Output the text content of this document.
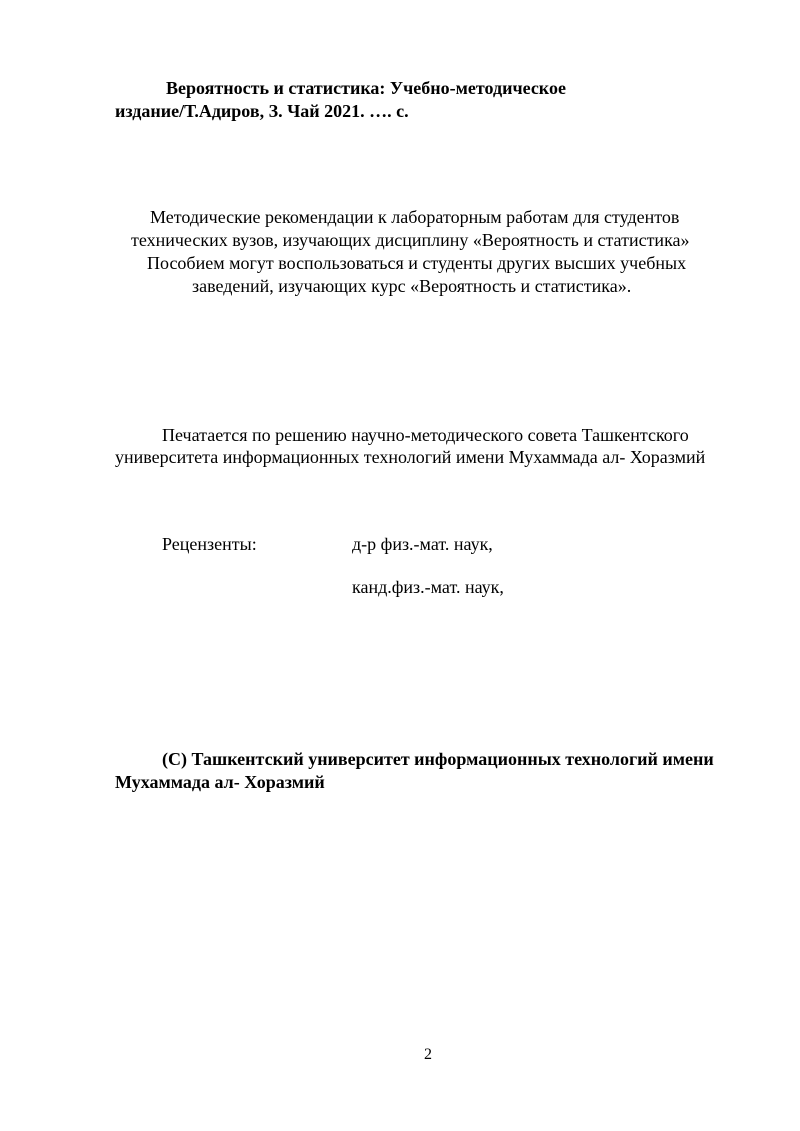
Вероятность и статистика: Учебно-методическое
издание/Т.Адиров, З. Чай 2021. …. с.
Методические рекомендации к лабораторным работам для студентов
технических вузов, изучающих дисциплину «Вероятность и статистика»
Пособием могут воспользоваться и студенты других высших учебных
заведений, изучающих курс «Вероятность и статистика».
Печатается по решению научно-методического совета Ташкентского
университета информационных технологий имени Мухаммада ал- Хоразмий
Рецензенты:	д-р физ.-мат. наук,
канд.физ.-мат. наук,
(С) Ташкентский университет информационных технологий имени
Мухаммада ал- Хоразмий
2
